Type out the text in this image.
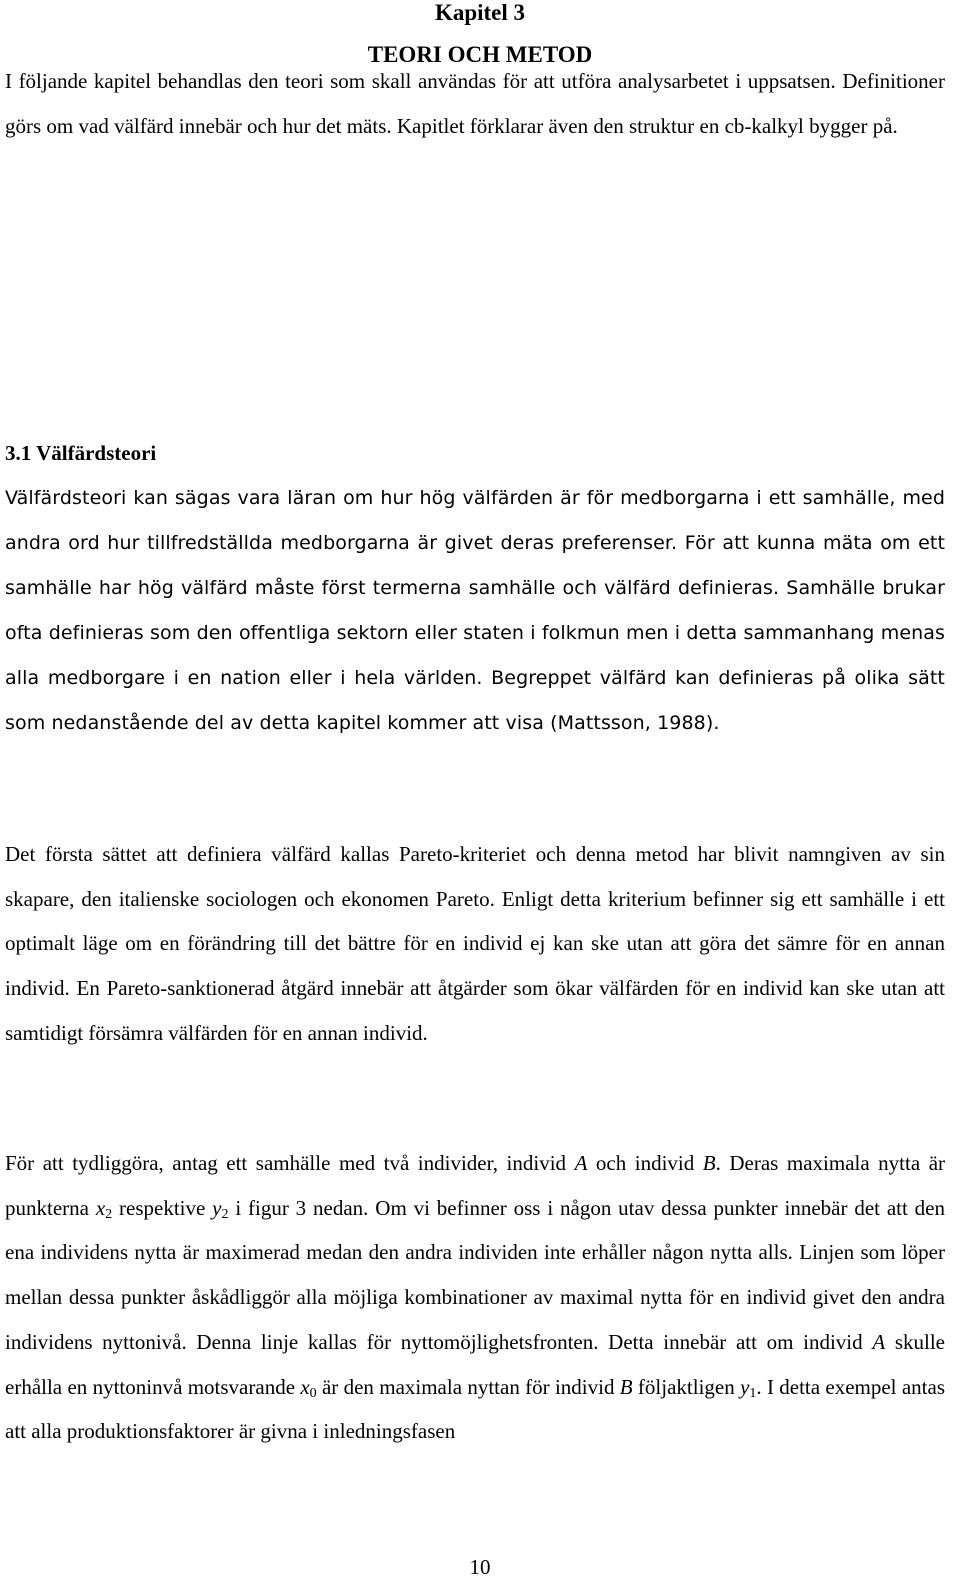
Kapitel 3
TEORI OCH METOD
I följande kapitel behandlas den teori som skall användas för att utföra analysarbetet i uppsatsen. Definitioner görs om vad välfärd innebär och hur det mäts. Kapitlet förklarar även den struktur en cb-kalkyl bygger på.
3.1 Välfärdsteori
Välfärdsteori kan sägas vara läran om hur hög välfärden är för medborgarna i ett samhälle, med andra ord hur tillfredställda medborgarna är givet deras preferenser. För att kunna mäta om ett samhälle har hög välfärd måste först termerna samhälle och välfärd definieras. Samhälle brukar ofta definieras som den offentliga sektorn eller staten i folkmun men i detta sammanhang menas alla medborgare i en nation eller i hela världen. Begreppet välfärd kan definieras på olika sätt som nedanstående del av detta kapitel kommer att visa (Mattsson, 1988).
Det första sättet att definiera välfärd kallas Pareto-kriteriet och denna metod har blivit namngiven av sin skapare, den italienske sociologen och ekonomen Pareto. Enligt detta kriterium befinner sig ett samhälle i ett optimalt läge om en förändring till det bättre för en individ ej kan ske utan att göra det sämre för en annan individ. En Pareto-sanktionerad åtgärd innebär att åtgärder som ökar välfärden för en individ kan ske utan att samtidigt försämra välfärden för en annan individ.
För att tydliggöra, antag ett samhälle med två individer, individ A och individ B. Deras maximala nytta är punkterna $x_2$ respektive $y_2$ i figur 3 nedan. Om vi befinner oss i någon utav dessa punkter innebär det att den ena individens nytta är maximerad medan den andra individen inte erhåller någon nytta alls. Linjen som löper mellan dessa punkter åskådliggör alla möjliga kombinationer av maximal nytta för en individ givet den andra individens nyttonivå. Denna linje kallas för nyttomöjlighetsfronten. Detta innebär att om individ A skulle erhålla en nyttoninvå motsvarande $x_0$ är den maximala nyttan för individ B följaktligen $y_1$. I detta exempel antas att alla produktionsfaktorer är givna i inledningsfasen
10
